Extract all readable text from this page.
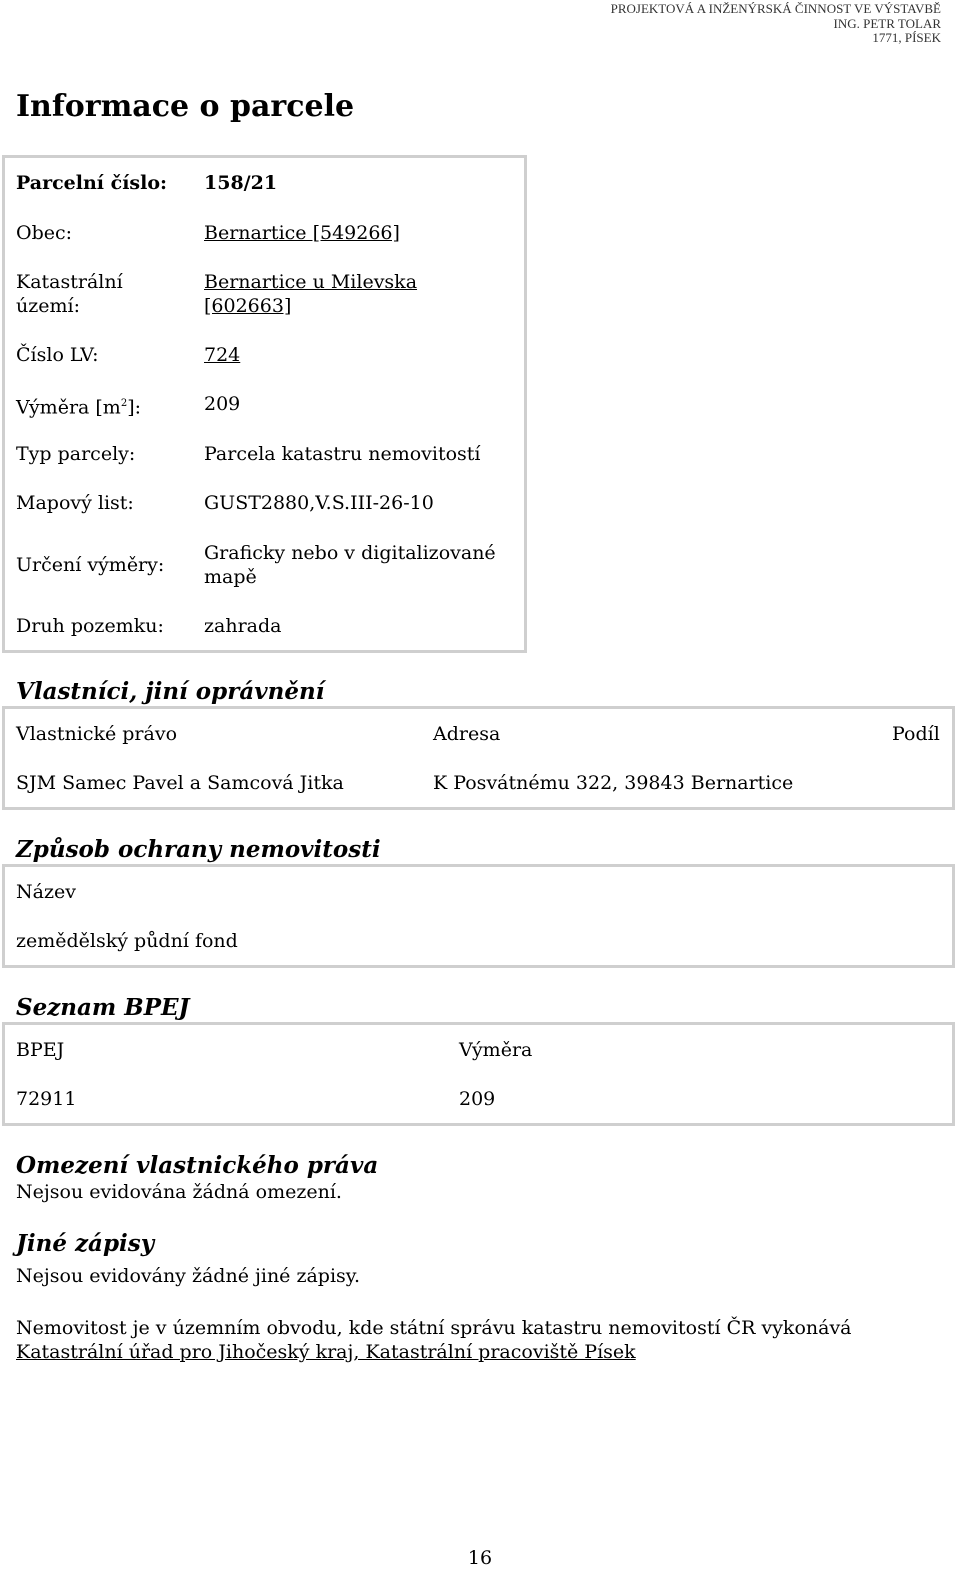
PROJEKTOVÁ A INŽENÝRSKÁ ČINNOST VE VÝSTAVBĚ
ING. PETR TOLAR
1771, PÍSEK
Informace o parcele
Parcelní číslo: 158/21
Obec:	Bernartice [549266]
Katastrální
území:
Bernartice u Milevska
[602663]
Číslo LV:	724
Výměra $[m^2]$:	209
Typ parcely:	Parcela katastru nemovitostí
Mapový list:	GUST2880,V.S.III-26-10
Určení výměry:
Graficky nebo v digitalizované
mapě
Druh pozemku: zahrada
Vlastníci, jiní oprávnění
Vlastnické právo	Adresa	Podíl
SJM Samec Pavel a Samcová Jitka	K Posvátnému 322, 39843 Bernartice
Způsob ochrany nemovitosti
Název
zemědělský půdní fond
Seznam BPEJ
BPEJ	Výměra
72911	209
Omezení vlastnického práva
Nejsou evidována žádná omezení.
Jiné zápisy
Nejsou evidovány žádné jiné zápisy.
Nemovitost je v územním obvodu, kde státní správu katastru nemovitostí ČR vykonává
Katastrální úřad pro Jihočeský kraj, Katastrální pracoviště Písek
16
